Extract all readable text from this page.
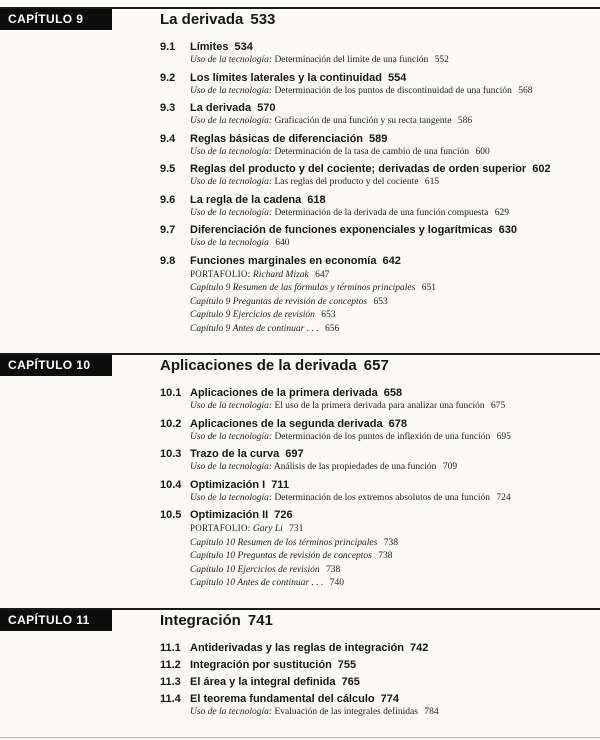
CAPÍTULO 9	La derivada 533
9.1 Límites 534
Uso de la tecnología: Determinación del límite de una función 552
9.2 Los límites laterales y la continuidad 554
Uso de la tecnología: Determinación de los puntos de discontinuidad de una función 568
9.3 La derivada 570
Uso de la tecnología: Graficación de una función y su recta tangente 586
9.4 Reglas básicas de diferenciación 589
Uso de la tecnología: Determinación de la tasa de cambio de una función 600
9.5 Reglas del producto y del cociente; derivadas de orden superior 602
Uso de la tecnología: Las reglas del producto y del cociente 615
9.6 La regla de la cadena 618
Uso de la tecnología: Determinación de la derivada de una función compuesta 629
9.7 Diferenciación de funciones exponenciales y logarítmicas 630
Uso de la tecnología 640
9.8 Funciones marginales en economía 642
PORTAFOLIO: Richard Mizak 647
Capítulo 9 Resumen de las fórmulas y términos principales 651
Capítulo 9 Preguntas de revisión de conceptos 653
Capítulo 9 Ejercicios de revisión 653
Capítulo 9 Antes de continuar . . . 656
CAPÍTULO 10	Aplicaciones de la derivada 657
10.1 Aplicaciones de la primera derivada 658
Uso de la tecnología: El uso de la primera derivada para analizar una función 675
10.2 Aplicaciones de la segunda derivada 678
Uso de la tecnología: Determinación de los puntos de inflexión de una función 695
10.3 Trazo de la curva 697
Uso de la tecnología: Análisis de las propiedades de una función 709
10.4 Optimización I 711
Uso de la tecnología: Determinación de los extremos absolutos de una función 724
10.5 Optimización II 726
PORTAFOLIO: Gary Li 731
Capítulo 10 Resumen de los términos principales 738
Capítulo 10 Preguntas de revisión de conceptos 738
Capítulo 10 Ejercicios de revisión 738
Capítulo 10 Antes de continuar . . . 740
CAPÍTULO 11	Integración 741
11.1 Antiderivadas y las reglas de integración 742
11.2 Integración por sustitución 755
11.3 El área y la integral definida 765
11.4 El teorema fundamental del cálculo 774
Uso de la tecnología: Evaluación de las integrales definidas 784
